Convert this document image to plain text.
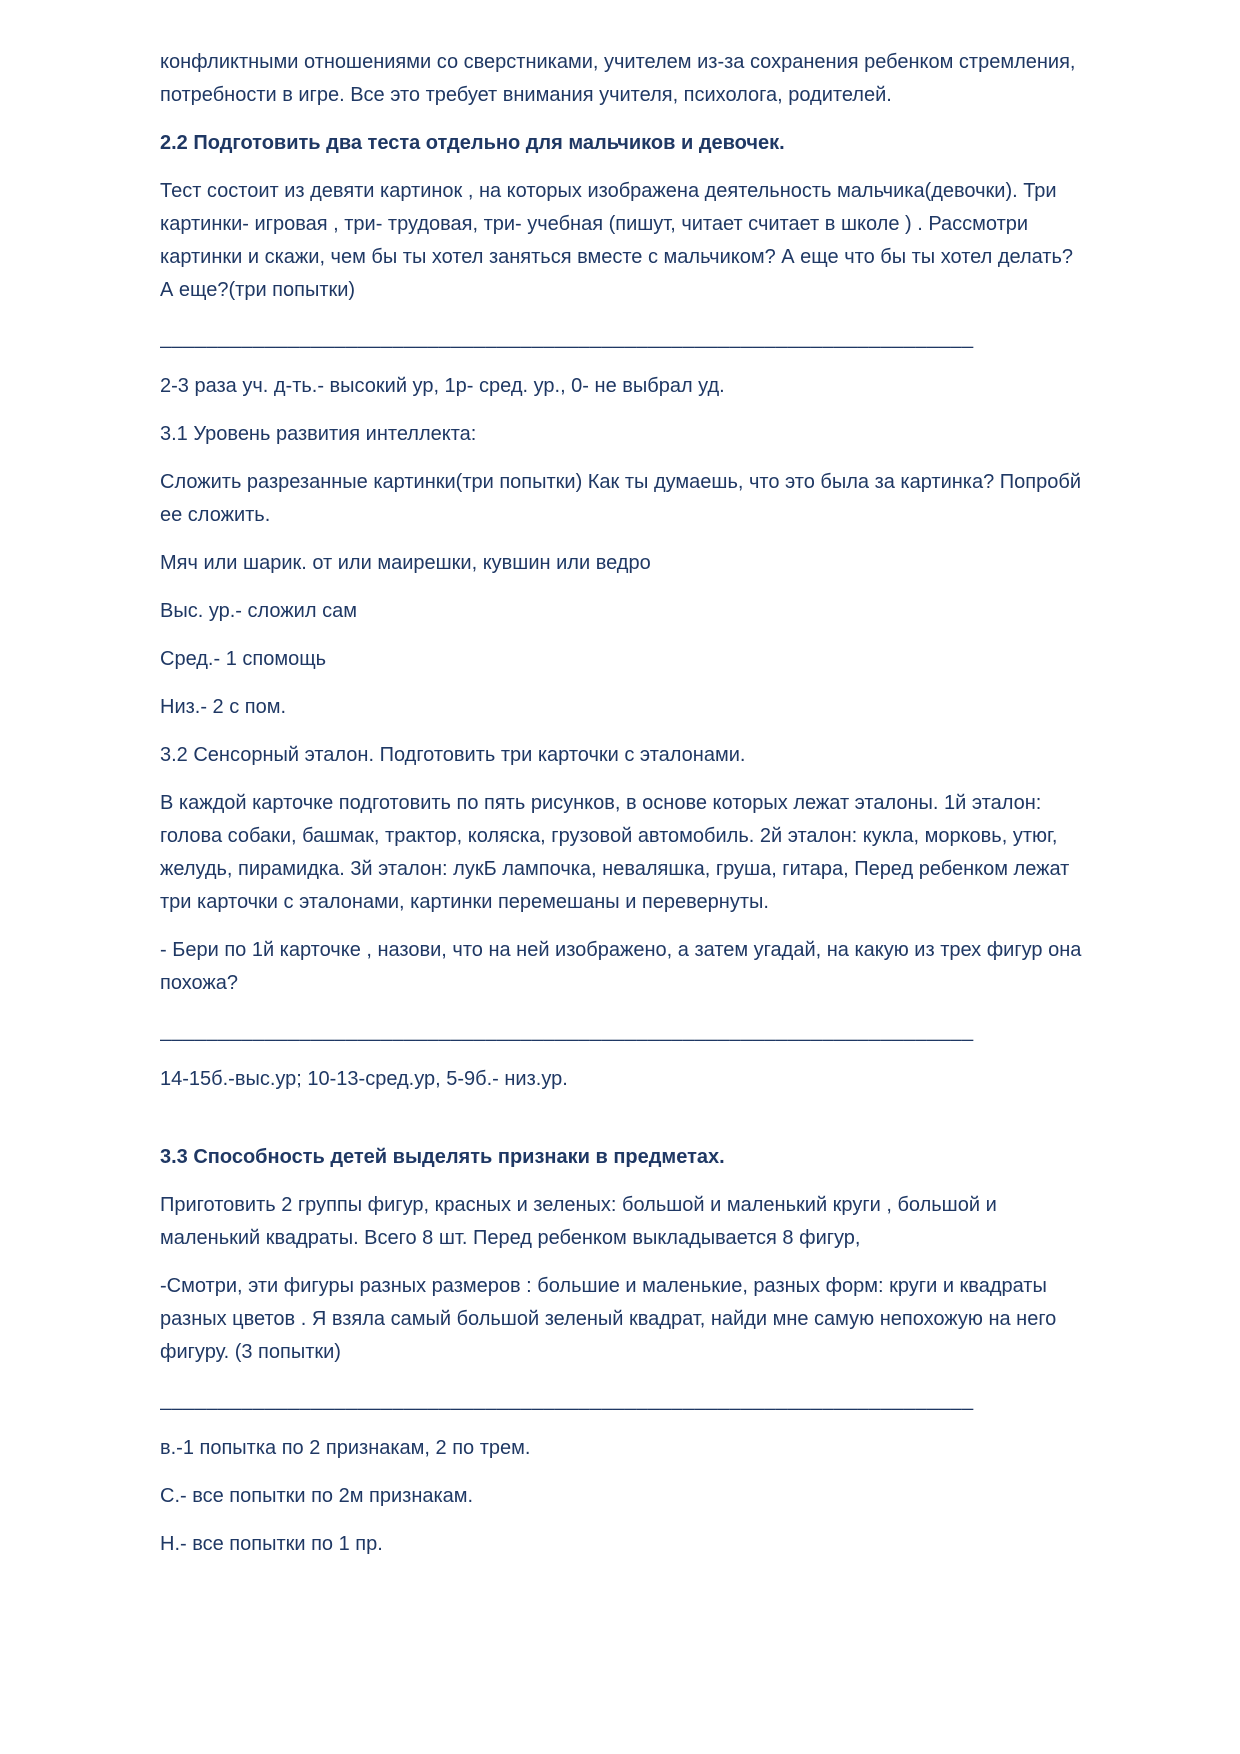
конфликтными отношениями со сверстниками, учителем из-за сохранения ребенком стремления, потребности в игре. Все это требует внимания учителя, психолога, родителей.

2.2 Подготовить два теста отдельно для мальчиков и девочек.

Тест состоит из девяти картинок , на которых изображена деятельность мальчика(девочки). Три картинки- игровая , три- трудовая, три- учебная (пишут, читает считает в школе ) . Рассмотри картинки и скажи, чем бы ты хотел заняться вместе с мальчиком? А еще что бы ты хотел делать? А еще?(три попытки)

______________________________________________________________________

2-3 раза уч. д-ть.- высокий ур, 1р- сред. ур., 0- не выбрал уд.

3.1 Уровень развития интеллекта:

Сложить разрезанные картинки(три попытки) Как ты думаешь, что это была за картинка? Попробй ее сложить.

Мяч или шарик. от или маирешки, кувшин или ведро

Выс. ур.- сложил сам

Сред.- 1 спомощь

Низ.- 2 с пом.

3.2 Сенсорный эталон. Подготовить три карточки с эталонами.

В каждой карточке подготовить по пять рисунков, в основе которых лежат эталоны. 1й эталон: голова собаки, башмак, трактор, коляска, грузовой автомобиль. 2й эталон: кукла, морковь, утюг, желудь, пирамидка. 3й эталон: лукБ лампочка, неваляшка, груша, гитара, Перед ребенком лежат три карточки с эталонами, картинки перемешаны и перевернуты.

- Бери по 1й карточке , назови, что на ней изображено, а затем угадай, на какую из трех фигур она похожа?

______________________________________________________________________

14-15б.-выс.ур; 10-13-сред.ур, 5-9б.- низ.ур.

3.3 Способность детей выделять признаки в предметах.

Приготовить 2 группы фигур, красных и зеленых: большой и маленький круги , большой и маленький квадраты. Всего 8 шт. Перед ребенком выкладывается 8 фигур,

-Смотри, эти фигуры разных размеров : большие и маленькие, разных форм: круги и квадраты разных цветов . Я взяла самый большой зеленый квадрат, найди мне самую непохожую на него фигуру. (3 попытки)

______________________________________________________________________

в.-1 попытка по 2 признакам, 2 по трем.

С.- все попытки по 2м признакам.

Н.- все попытки по 1 пр.
